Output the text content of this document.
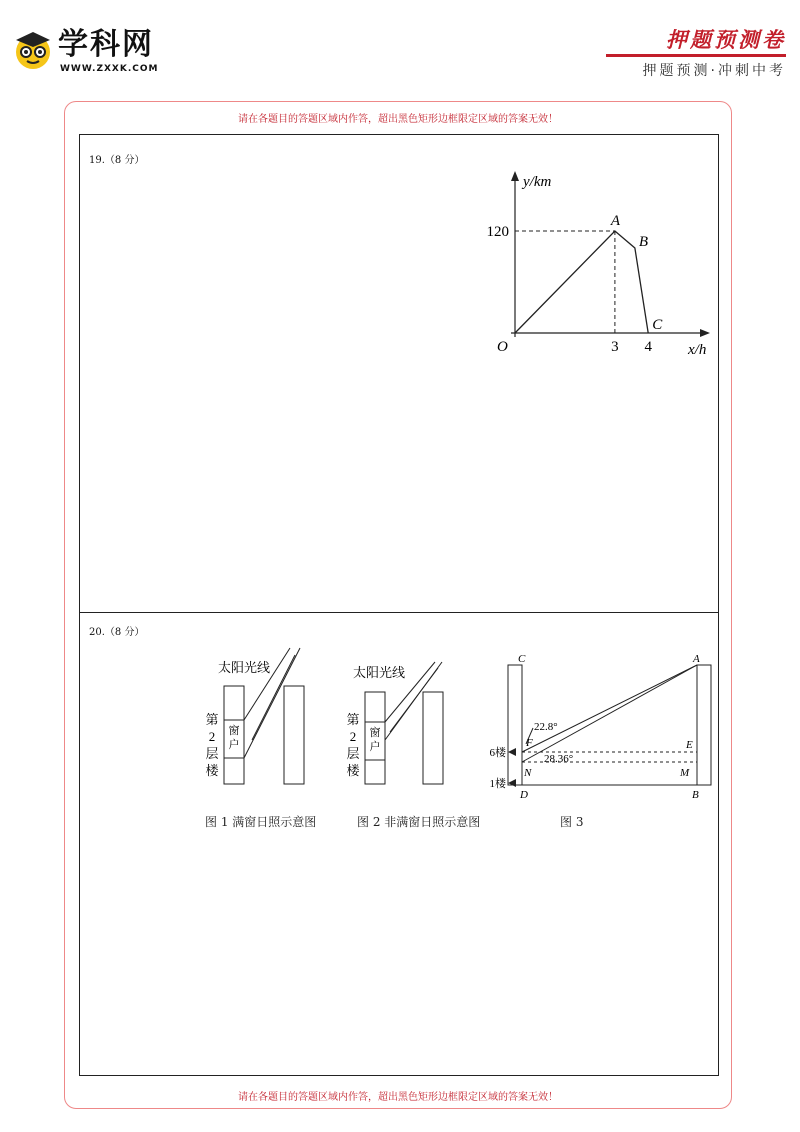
学科网
WWW.ZXXK.COM
押题预测卷
押题预测·冲刺中考
请在各题目的答题区域内作答，超出黑色矩形边框限定区域的答案无效！
请在各题目的答题区域内作答，超出黑色矩形边框限定区域的答案无效！
19.（8 分）
20.（8 分）
y/km
x/h
O
120
3 4
A
B
C
太阳光线
窗
户
第
2
层
楼
太阳光线
窗
户
第
2
层
楼
C	A
22.8°
F	E
28.36°
N	M
D	B
6楼
1楼
图 1 满窗日照示意图	图 2 非满窗日照示意图	图 3
